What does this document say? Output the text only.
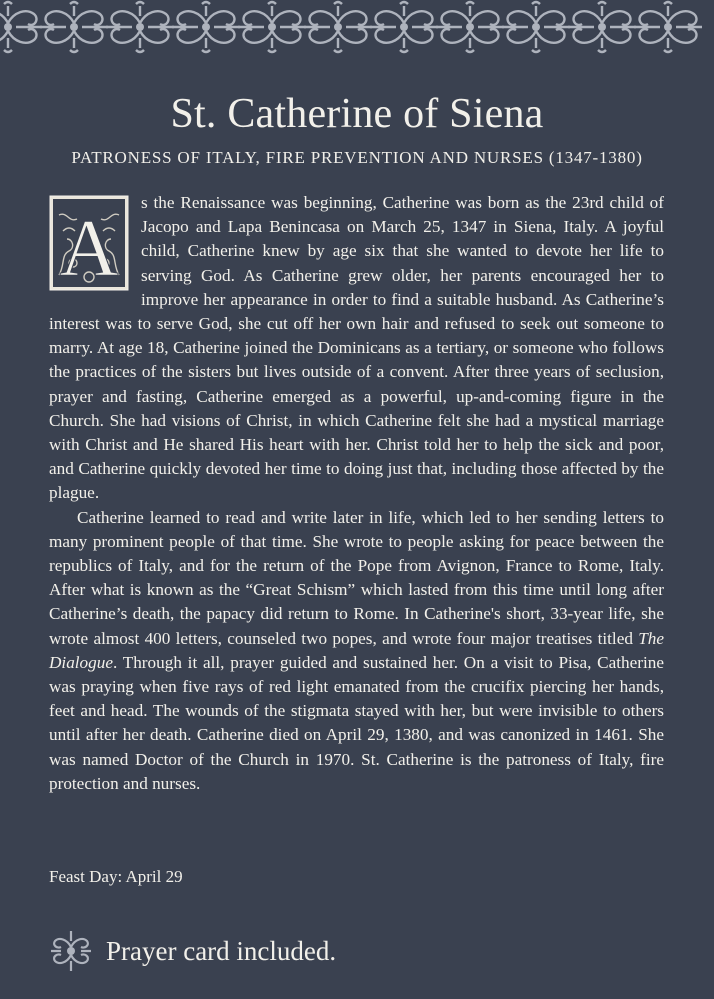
St. Catherine of Siena
PATRONESS OF ITALY, FIRE PREVENTION AND NURSES (1347-1380)

A s the Renaissance was beginning, Catherine was born as the 23rd child of Jacopo and Lapa Benincasa on March 25, 1347 in Siena, Italy. A joyful child, Catherine knew by age six that she wanted to devote her life to serving God. As Catherine grew older, her parents encouraged her to improve her appearance in order to find a suitable husband. As Catherine’s interest was to serve God, she cut off her own hair and refused to seek out someone to marry. At age 18, Catherine joined the Dominicans as a tertiary, or someone who follows the practices of the sisters but lives outside of a convent. After three years of seclusion, prayer and fasting, Catherine emerged as a powerful, up-and-coming figure in the Church. She had visions of Christ, in which Catherine felt she had a mystical marriage with Christ and He shared His heart with her. Christ told her to help the sick and poor, and Catherine quickly devoted her time to doing just that, including those affected by the plague.

Catherine learned to read and write later in life, which led to her sending letters to many prominent people of that time. She wrote to people asking for peace between the republics of Italy, and for the return of the Pope from Avignon, France to Rome, Italy. After what is known as the “Great Schism” which lasted from this time until long after Catherine’s death, the papacy did return to Rome. In Catherine's short, 33-year life, she wrote almost 400 letters, counseled two popes, and wrote four major treatises titled The Dialogue. Through it all, prayer guided and sustained her. On a visit to Pisa, Catherine was praying when five rays of red light emanated from the crucifix piercing her hands, feet and head. The wounds of the stigmata stayed with her, but were invisible to others until after her death. Catherine died on April 29, 1380, and was canonized in 1461. She was named Doctor of the Church in 1970. St. Catherine is the patroness of Italy, fire protection and nurses.

Feast Day: April 29
Prayer card included.
